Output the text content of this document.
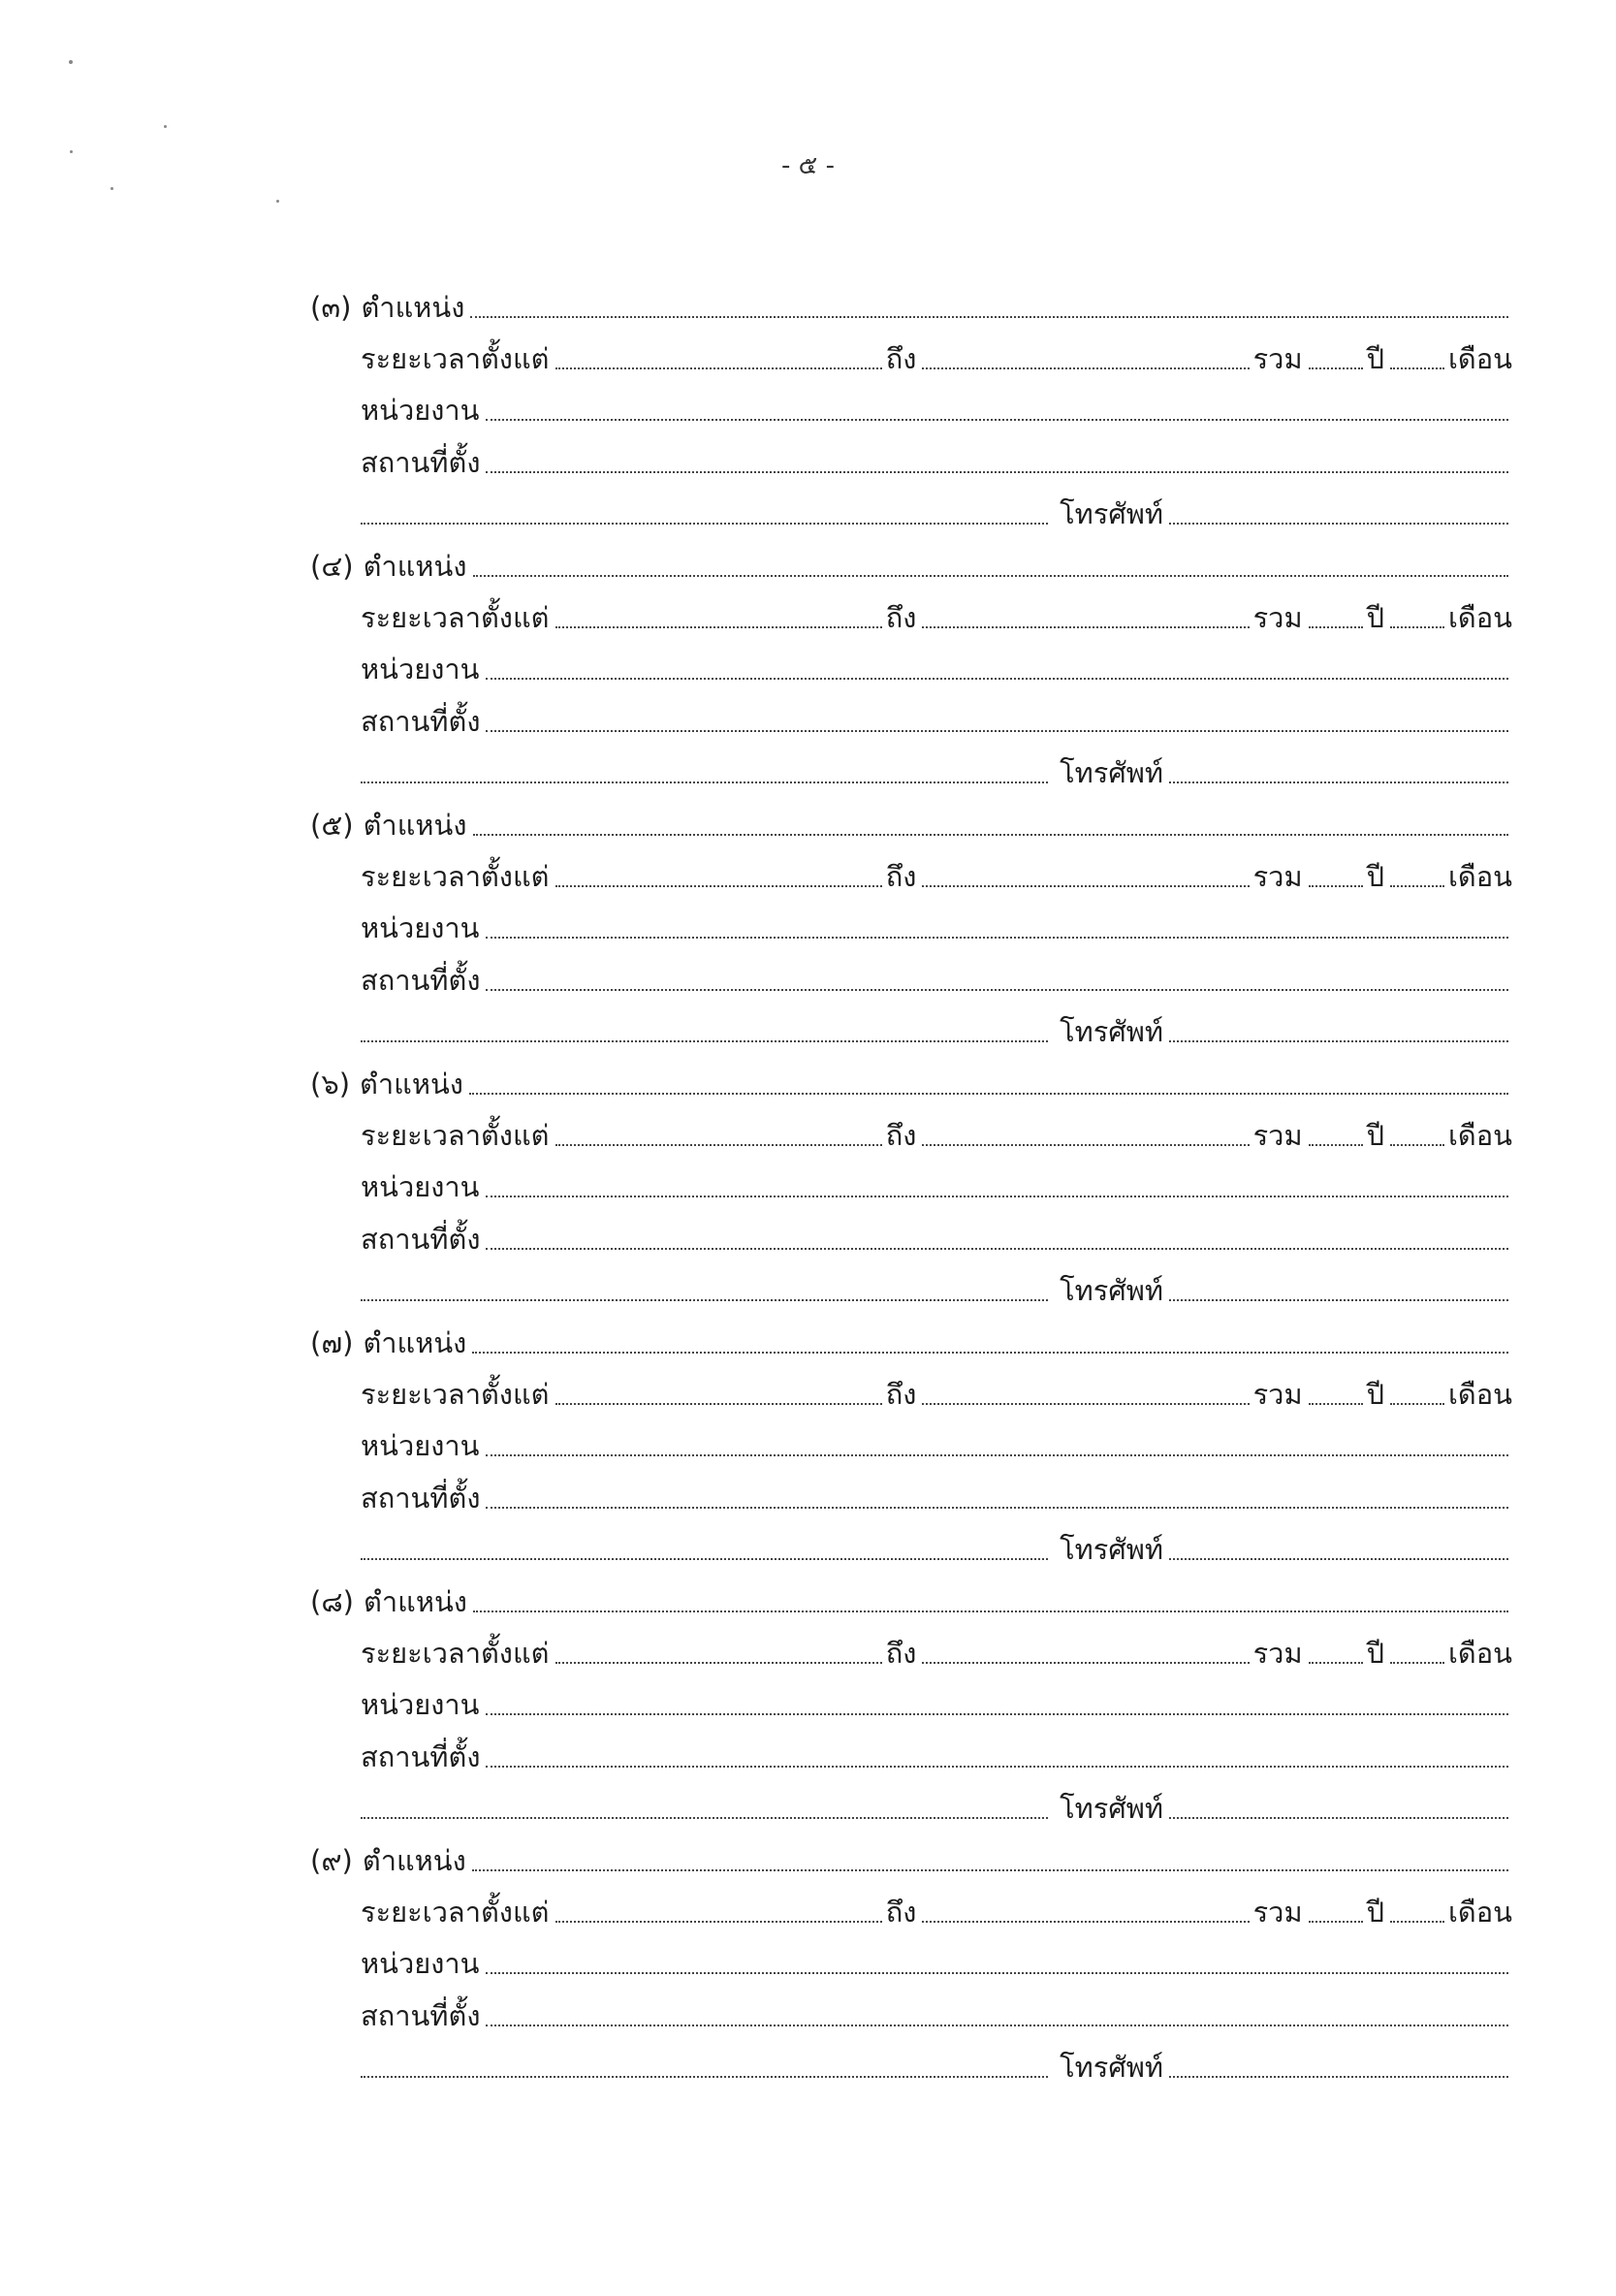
- ๕ -
(๓) ตำแหน่ง
ระยะเวลาตั้งแต่	ถึง	รวม ปี เดือน
หน่วยงาน
สถานที่ตั้ง
โทรศัพท์
(๔) ตำแหน่ง
ระยะเวลาตั้งแต่	ถึง	รวม ปี เดือน
หน่วยงาน
สถานที่ตั้ง
โทรศัพท์
(๕) ตำแหน่ง
ระยะเวลาตั้งแต่	ถึง	รวม ปี เดือน
หน่วยงาน
สถานที่ตั้ง
โทรศัพท์
(๖) ตำแหน่ง
ระยะเวลาตั้งแต่	ถึง	รวม ปี เดือน
หน่วยงาน
สถานที่ตั้ง
โทรศัพท์
(๗) ตำแหน่ง
ระยะเวลาตั้งแต่	ถึง	รวม ปี เดือน
หน่วยงาน
สถานที่ตั้ง
โทรศัพท์
(๘) ตำแหน่ง
ระยะเวลาตั้งแต่	ถึง	รวม ปี เดือน
หน่วยงาน
สถานที่ตั้ง
โทรศัพท์
(๙) ตำแหน่ง
ระยะเวลาตั้งแต่	ถึง	รวม ปี เดือน
หน่วยงาน
สถานที่ตั้ง
โทรศัพท์
